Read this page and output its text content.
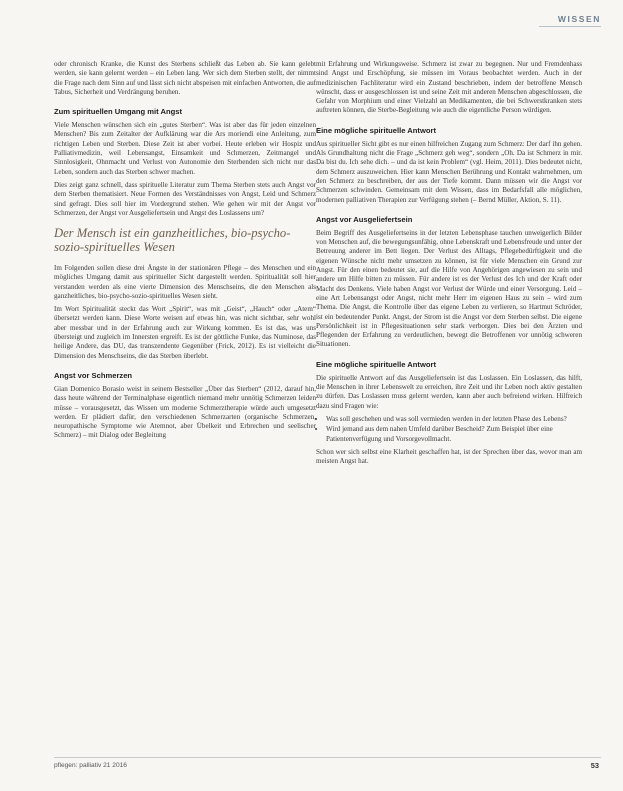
WISSEN

oder chronisch Kranke, die Kunst des Sterbens schließt das Leben ab. Sie kann gelebt werden, sie kann gelernt werden – ein Leben lang. Wer sich dem Sterben stellt, der nimmt die Frage nach dem Sinn auf und lässt sich nicht abspeisen mit einfachen Antworten, die auf Tabus, Sicherheit und Verdrängung beruhen.

Zum spirituellen Umgang mit Angst

Viele Menschen wünschen sich ein „gutes Sterben“. Was ist aber das für jeden einzelnen Menschen? Bis zum Zeitalter der Aufklärung war die Ars moriendi eine Anleitung, zum richtigen Leben und Sterben. Diese Zeit ist aber vorbei. Heute erleben wir Hospiz und Palliativmedizin, weil Lebensangst, Einsamkeit und Schmerzen, Zeitmangel und Sinnlosigkeit, Ohnmacht und Verlust von Autonomie den Sterbenden sich nicht nur das Leben, sondern auch das Sterben schwer machen.

Dies zeigt ganz schnell, dass spirituelle Literatur zum Thema Sterben stets auch Angst vor dem Sterben thematisiert. Neue Formen des Verständnisses von Angst, Leid und Schmerz sind gefragt. Dies soll hier im Vordergrund stehen. Wie gehen wir mit der Angst vor Schmerzen, der Angst vor Ausgeliefertsein und Angst des Loslassens um?

Der Mensch ist ein ganzheitliches, bio-psycho-sozio-spirituelles Wesen

Im Folgenden sollen diese drei Ängste in der stationären Pflege – des Menschen und ein mögliches Umgang damit aus spiritueller Sicht dargestellt werden. Spiritualität soll hier verstanden werden als eine vierte Dimension des Menschseins, die den Menschen als ganzheitliches, bio-psycho-sozio-spirituelles Wesen sieht.

Im Wort Spiritualität steckt das Wort „Spirit“, was mit „Geist“, „Hauch“ oder „Atem“ übersetzt werden kann. Diese Worte weisen auf etwas hin, was nicht sichtbar, sehr wohl aber messbar und in der Erfahrung auch zur Wirkung kommen. Es ist das, was uns übersteigt und zugleich im Innersten ergreift. Es ist der göttliche Funke, das Numinose, das heilige Andere, das DU, das transzendente Gegenüber (Frick, 2012). Es ist vielleicht die Dimension des Menschseins, die das Sterben überlebt.

Angst vor Schmerzen

Gian Domenico Borasio weist in seinem Bestseller „Über das Sterben“ (2012, darauf hin, dass heute während der Terminalphase eigentlich niemand mehr unnötig Schmerzen leiden müsse – vorausgesetzt, das Wissen um moderne Schmerztherapie würde auch umgesetzt werden. Er plädiert dafür, den verschiedenen Schmerzarten (organische Schmerzen, neuropathische Symptome wie Atemnot, aber Übelkeit und Erbrechen und seelischer Schmerz) – mit Dialog oder Begleitung

mit Erfahrung und Wirkungsweise. Schmerz ist zwar zu begegnen. Nur und Fremdenhass sind Angst und Erschöpfung, sie müssen im Voraus beobachtet werden. Auch in der medizinischen Fachliteratur wird ein Zustand beschrieben, indem der betroffene Mensch wünscht, dass er ausgeschlossen ist und seine Zeit mit anderen Menschen abgeschlossen, die Gefahr von Morphium und einer Vielzahl an Medikamenten, die bei Schwerstkranken stets auftreten können, die Sterbe-Begleitung wie auch die eigentliche Person würdigen.

Eine mögliche spirituelle Antwort

Aus spiritueller Sicht gibt es nur einen hilfreichen Zugang zum Schmerz: Der darf ihn gehen. Als Grundhaltung nicht die Frage „Schmerz geh weg“, sondern „Oh. Da ist Schmerz in mir. Da bist du. Ich sehe dich. – und da ist kein Problem“ (vgl. Heim, 2011). Dies bedeutet nicht, dem Schmerz auszuweichen. Hier kann Menschen Berührung und Kontakt wahrnehmen, um den Schmerz zu beschreiben, der aus der Tiefe kommt. Dann müssen wir die Angst vor Schmerzen schwinden. Gemeinsam mit dem Wissen, dass im Bedarfsfall alle möglichen, modernen palliativen Therapien zur Verfügung stehen (– Bernd Müller, Aktion, S. 11).

Angst vor Ausgeliefertsein

Beim Begriff des Ausgeliefertseins in der letzten Lebensphase tauchen unweigerlich Bilder von Menschen auf, die bewegungsunfähig, ohne Lebenskraft und Lebensfreude und unter der Betreuung anderer im Bett liegen. Der Verlust des Alltags, Pflegebedürftigkeit und die eigenen Wünsche nicht mehr umsetzen zu können, ist für viele Menschen ein Grund zur Angst. Für den einen bedeutet sie, auf die Hilfe von Angehörigen angewiesen zu sein und andere um Hilfe bitten zu müssen. Für andere ist es der Verlust des Ich und der Kraft oder Macht des Denkens. Viele haben Angst vor Verlust der Würde und einer Versorgung. Leid – eine Art Lebensangst oder Angst, nicht mehr Herr im eigenen Haus zu sein – wird zum Thema. Die Angst, die Kontrolle über das eigene Leben zu verlieren, so Hartmut Schröder, ist ein bedeutender Punkt. Angst, der Strom ist die Angst vor dem Sterben selbst. Die eigene Persönlichkeit ist in Pflegesituationen sehr stark verborgen. Dies bei den Ärzten und Pflegenden der Erfahrung zu verdeutlichen, bewegt die Betroffenen vor unnötig schweren Situationen.

Eine mögliche spirituelle Antwort

Die spirituelle Antwort auf das Ausgeliefertsein ist das Loslassen. Ein Loslassen, das hilft, die Menschen in ihrer Lebenswelt zu erreichen, ihre Zeit und ihr Leben noch aktiv gestalten zu dürfen. Das Loslassen muss gelernt werden, kann aber auch befreiend wirken. Hilfreich dazu sind Fragen wie:

• Was soll geschehen und was soll vermieden werden in der letzten Phase des Lebens?
• Wird jemand aus dem nahen Umfeld darüber Bescheid? Zum Beispiel über eine Patientenverfügung und Vorsorgevollmacht.

Schon wer sich selbst eine Klarheit geschaffen hat, ist der Sprechen über das, wovor man am meisten Angst hat.

pflegen: palliativ 21 2016	53
